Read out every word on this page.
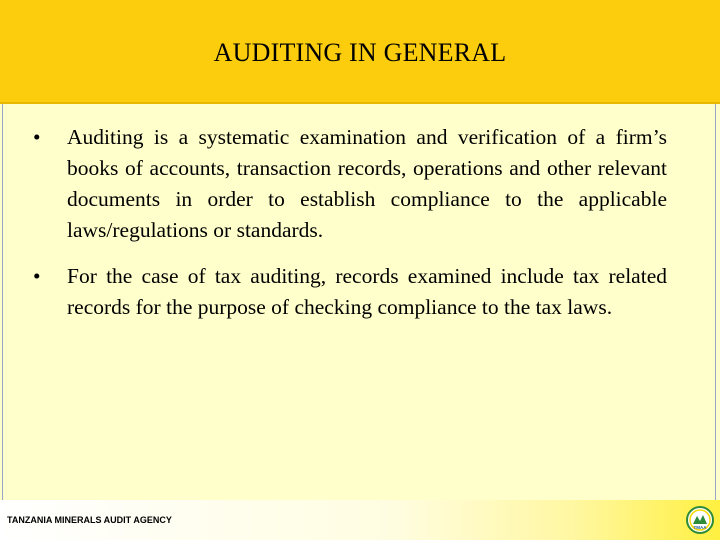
AUDITING IN GENERAL
•	Auditing is a systematic examination and verification of a firm’s books of accounts, transaction records, operations and other relevant documents in order to establish compliance to the applicable laws/regulations or standards.
•	For the case of tax auditing, records examined include tax related records for the purpose of checking compliance to the tax laws.
TANZANIA MINERALS AUDIT AGENCY
TMAA
